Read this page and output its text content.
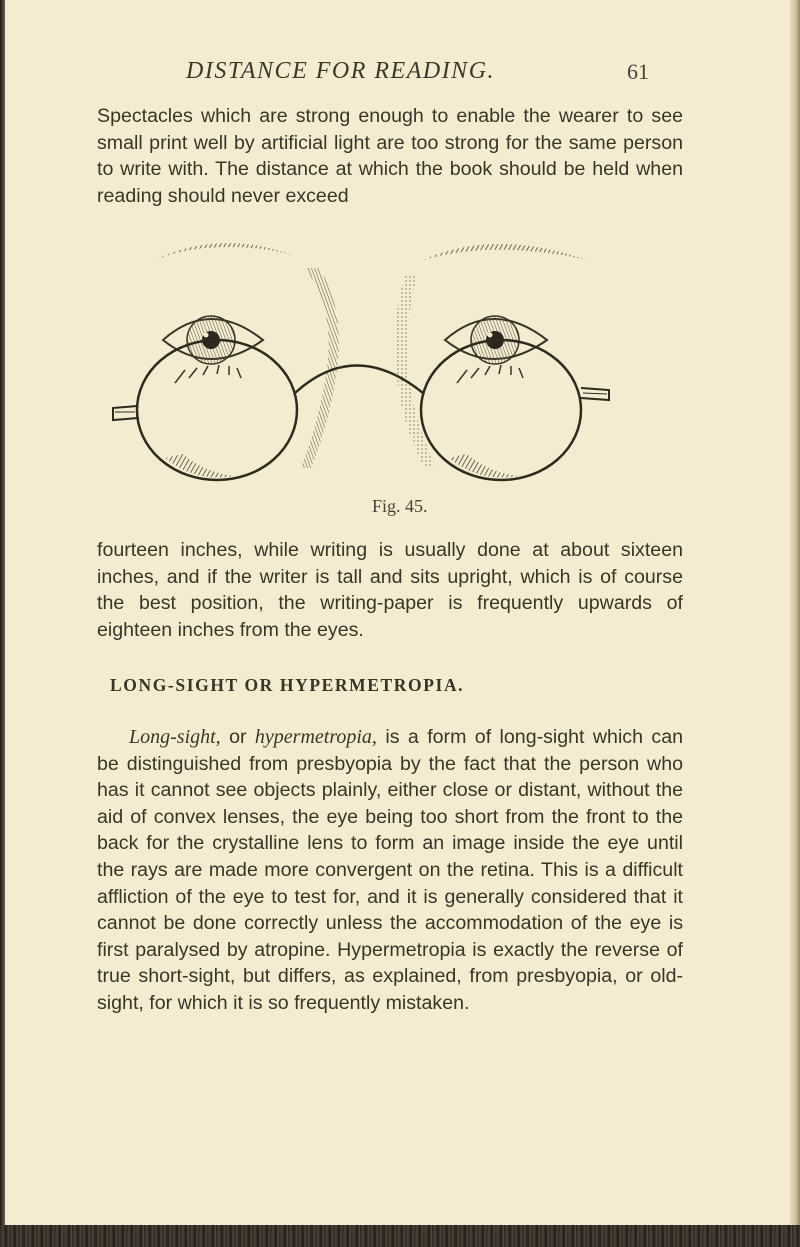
DISTANCE FOR READING.	61

Spectacles which are strong enough to enable the wearer to see small print well by artificial light are too strong for the same person to write with. The distance at which the book should be held when reading should never exceed

Fig. 45.

fourteen inches, while writing is usually done at about sixteen inches, and if the writer is tall and sits upright, which is of course the best position, the writing-paper is frequently upwards of eighteen inches from the eyes.

LONG-SIGHT OR HYPERMETROPIA.

Long-sight, or hypermetropia, is a form of long-sight which can be distinguished from presbyopia by the fact that the person who has it cannot see objects plainly, either close or distant, without the aid of convex lenses, the eye being too short from the front to the back for the crystalline lens to form an image inside the eye until the rays are made more convergent on the retina. This is a difficult affliction of the eye to test for, and it is generally considered that it cannot be done correctly unless the accommodation of the eye is first paralysed by atropine. Hypermetropia is exactly the reverse of true short-sight, but differs, as explained, from presbyopia, or old-sight, for which it is so frequently mistaken.
